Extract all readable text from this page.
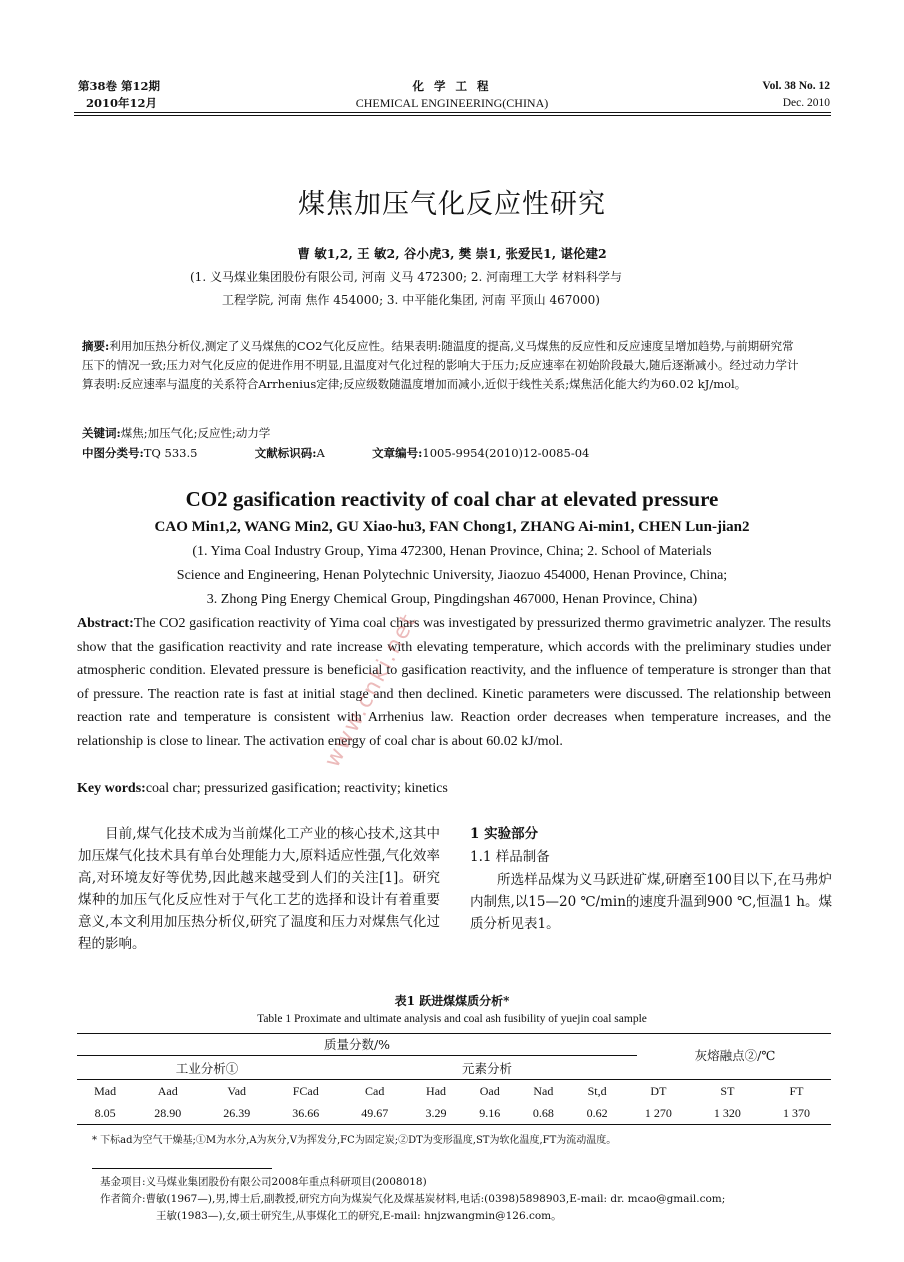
第38卷 第12期
2010年12月
化 学 工 程
CHEMICAL ENGINEERING(CHINA)
Vol. 38 No. 12
Dec. 2010
煤焦加压气化反应性研究
曹 敏1,2, 王 敏2, 谷小虎3, 樊 崇1, 张爱民1, 谌伦建2
(1. 义马煤业集团股份有限公司, 河南 义马 472300; 2. 河南理工大学 材料科学与
工程学院, 河南 焦作 454000; 3. 中平能化集团, 河南 平顶山 467000)
摘要:利用加压热分析仪,测定了义马煤焦的CO2气化反应性。结果表明:随温度的提高,义马煤焦的反应性和反应速度呈增加趋势,与前期研究常压下的情况一致;压力对气化反应的促进作用不明显,且温度对气化过程的影响大于压力;反应速率在初始阶段最大,随后逐渐减小。经过动力学计算表明:反应速率与温度的关系符合Arrhenius定律;反应级数随温度增加而减小,近似于线性关系;煤焦活化能大约为60.02 kJ/mol。
关键词:煤焦;加压气化;反应性;动力学
中图分类号:TQ 533.5	文献标识码:A	文章编号:1005-9954(2010)12-0085-04
CO2 gasification reactivity of coal char at elevated pressure
CAO Min1,2, WANG Min2, GU Xiao-hu3, FAN Chong1, ZHANG Ai-min1, CHEN Lun-jian2
(1. Yima Coal Industry Group, Yima 472300, Henan Province, China; 2. School of Materials
Science and Engineering, Henan Polytechnic University, Jiaozuo 454000, Henan Province, China;
3. Zhong Ping Energy Chemical Group, Pingdingshan 467000, Henan Province, China)
Abstract:The CO2 gasification reactivity of Yima coal chars was investigated by pressurized thermo gravimetric analyzer. The results show that the gasification reactivity and rate increase with elevating temperature, which accords with the preliminary studies under atmospheric condition. Elevated pressure is beneficial to gasification reactivity, and the influence of temperature is stronger than that of pressure. The reaction rate is fast at initial stage and then declined. Kinetic parameters were discussed. The relationship between reaction rate and temperature is consistent with Arrhenius law. Reaction order decreases when temperature increases, and the relationship is close to linear. The activation energy of coal char is about 60.02 kJ/mol.
Key words:coal char; pressurized gasification; reactivity; kinetics
目前,煤气化技术成为当前煤化工产业的核心技术,这其中加压煤气化技术具有单台处理能力大,原料适应性强,气化效率高,对环境友好等优势,因此越来越受到人们的关注[1]。研究煤种的加压气化反应性对于气化工艺的选择和设计有着重要意义,本文利用加压热分析仪,研究了温度和压力对煤焦气化过程的影响。
1 实验部分
1.1 样品制备
所选样品煤为义马跃进矿煤,研磨至100目以下,在马弗炉内制焦,以15—20 ℃/min的速度升温到900 ℃,恒温1 h。煤质分析见表1。
表1 跃进煤煤质分析*
Table 1 Proximate and ultimate analysis and coal ash fusibility of yuejin coal sample
质量分数/%
工业分析①	元素分析
灰熔融点②/℃
Mad	Aad	Vad	FCad	Cad	Had	Oad	Nad	St,d	DT	ST	FT
8.05	28.90	26.39	36.66	49.67	3.29	9.16	0.68	0.62	1 270	1 320	1 370
* 下标ad为空气干燥基;①M为水分,A为灰分,V为挥发分,FC为固定炭;②DT为变形温度,ST为软化温度,FT为流动温度。
基金项目:义马煤业集团股份有限公司2008年重点科研项目(2008018)
作者简介:曹敏(1967—),男,博士后,副教授,研究方向为煤炭气化及煤基炭材料,电话:(0398)5898903,E-mail: dr. mcao@gmail.com;
王敏(1983—),女,硕士研究生,从事煤化工的研究,E-mail: hnjzwangmin@126.com。
www.cnki.net
